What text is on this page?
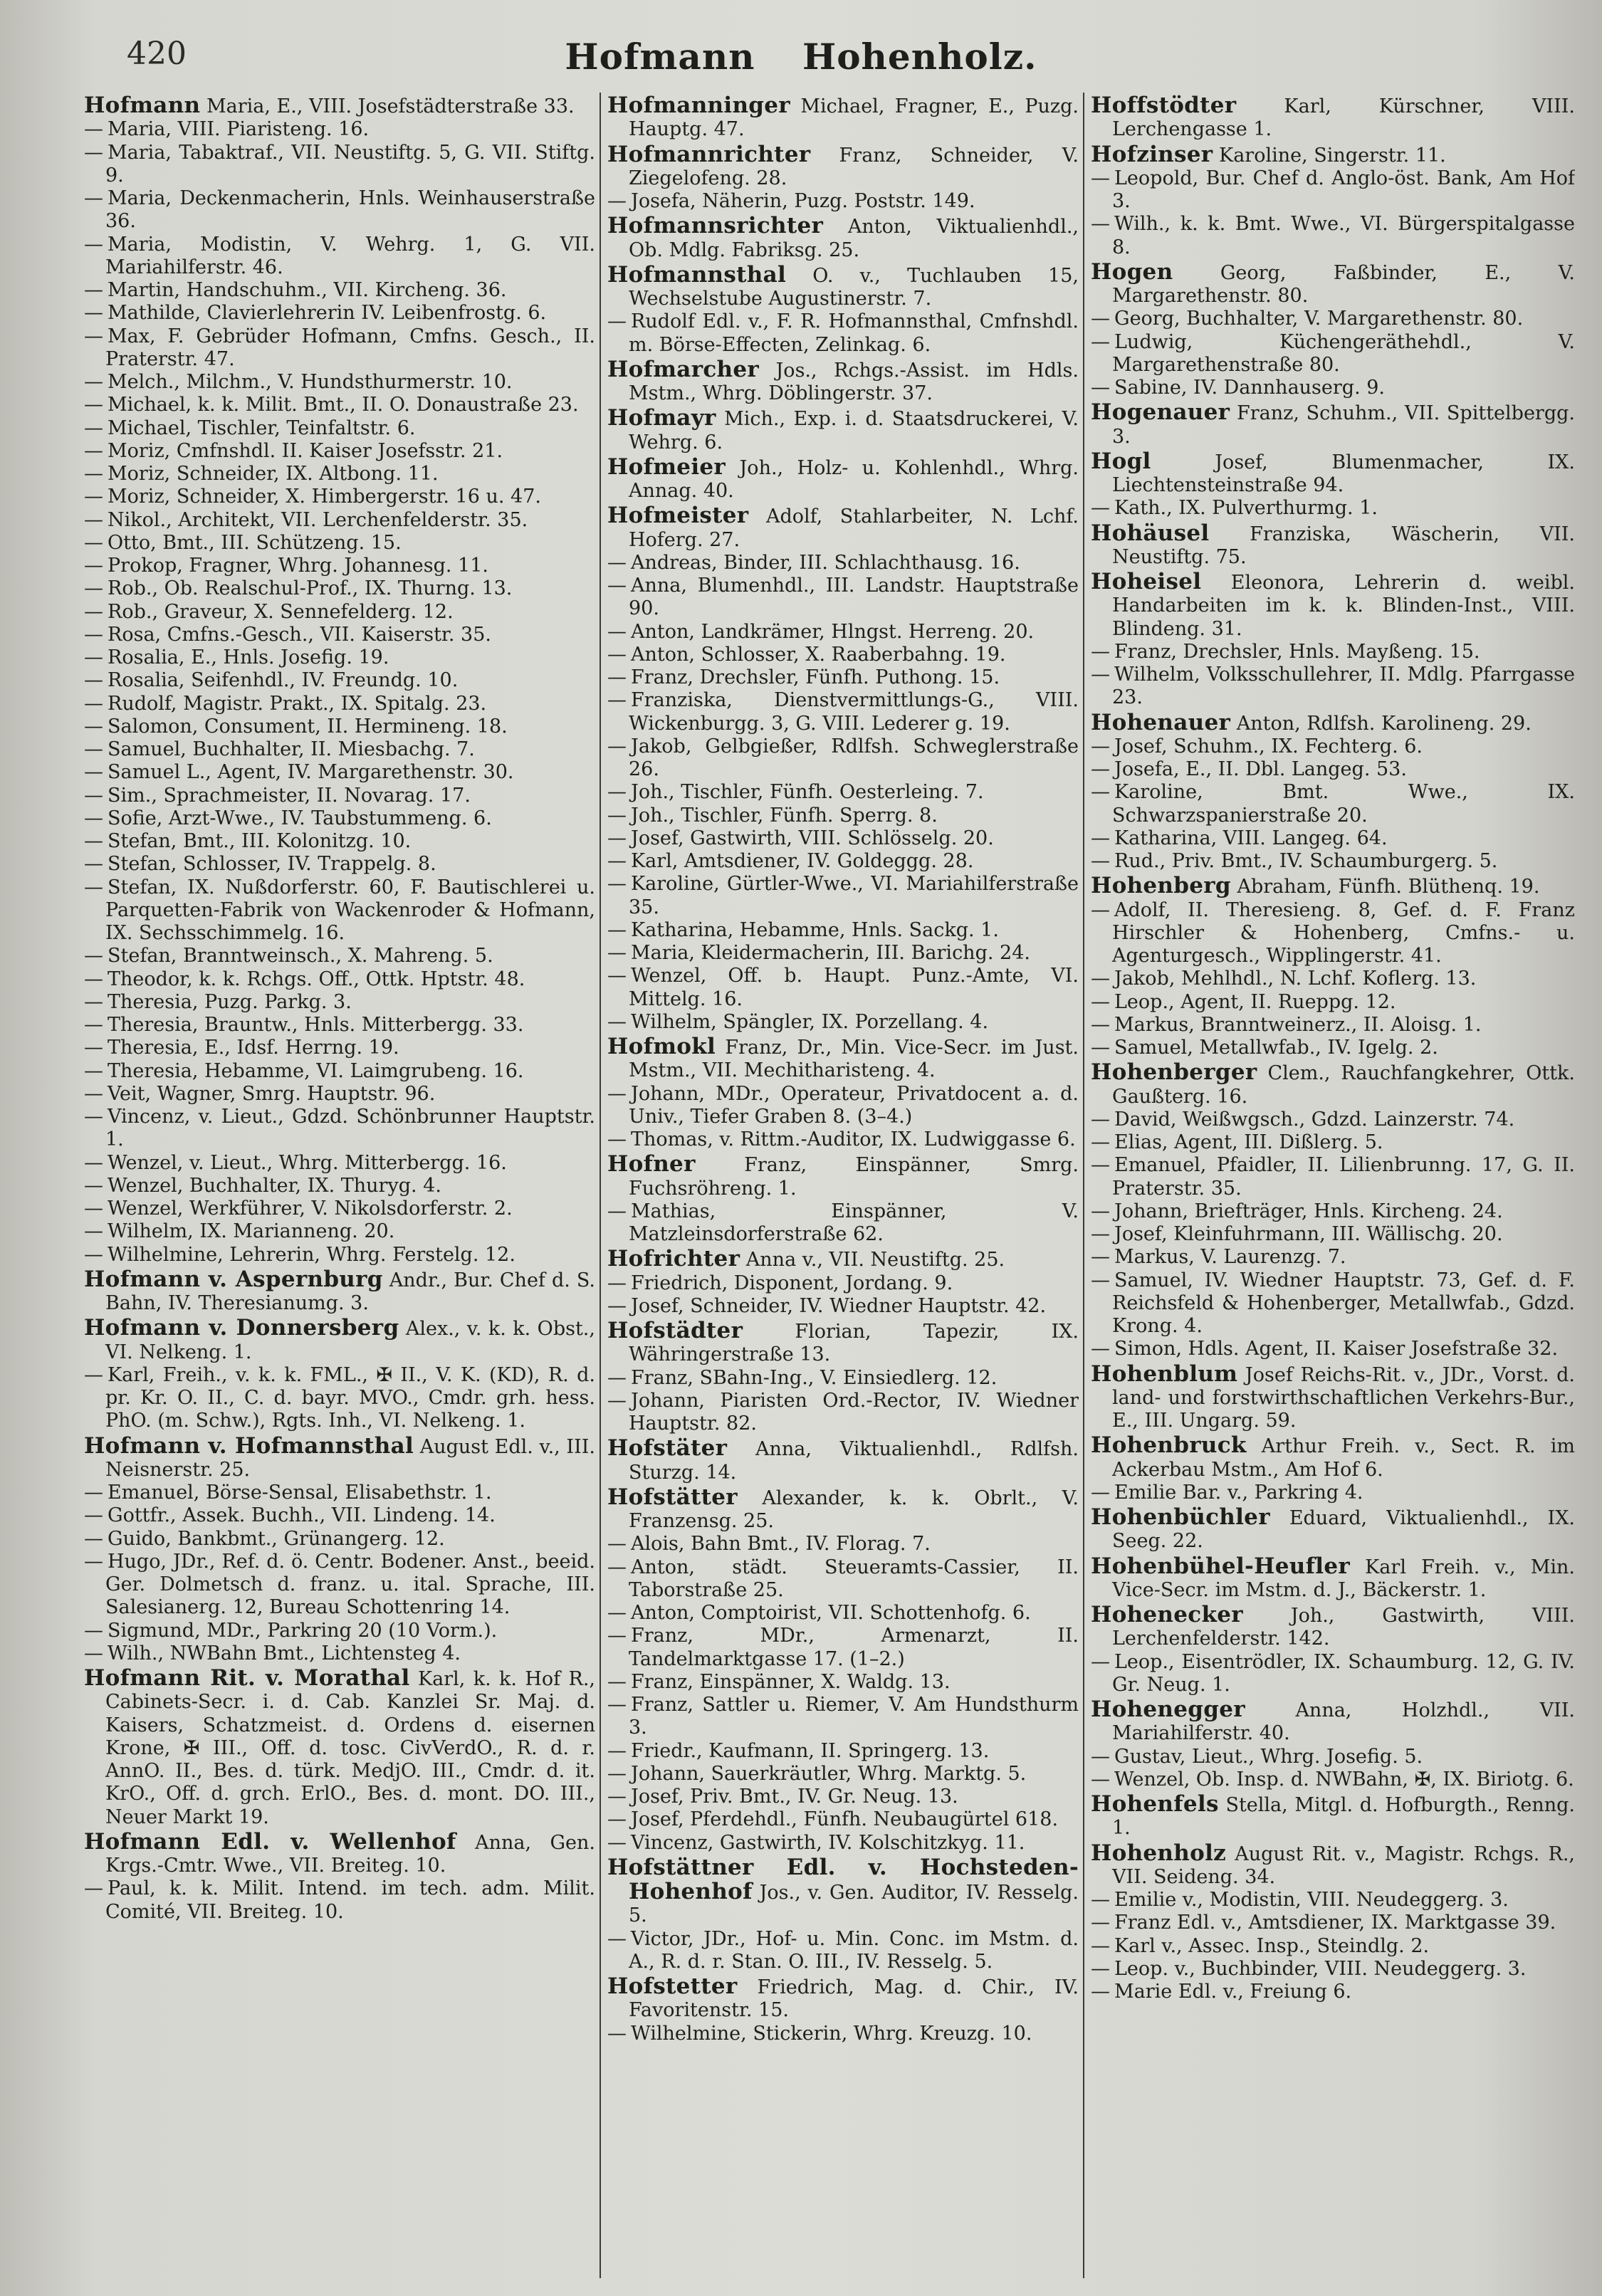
420	Hofmann Hohenholz.

Hofmann Maria, E., VIII. Josefstädterstraße 33.

— Maria, VIII. Piaristeng. 16.

— Maria, Tabaktraf., VII. Neustiftg. 5, G. VII. Stiftg. 9.

— Maria, Deckenmacherin, Hnls. Weinhauserstraße 36.

— Maria, Modistin, V. Wehrg. 1, G. VII. Mariahilferstr. 46.

— Martin, Handschuhm., VII. Kircheng. 36.

— Mathilde, Clavierlehrerin IV. Leibenfrostg. 6.

— Max, F. Gebrüder Hofmann, Cmfns. Gesch., II. Praterstr. 47.

— Melch., Milchm., V. Hundsthurmerstr. 10.

— Michael, k. k. Milit. Bmt., II. O. Donaustraße 23.

— Michael, Tischler, Teinfaltstr. 6.

— Moriz, Cmfnshdl. II. Kaiser Josefsstr. 21.

— Moriz, Schneider, IX. Altbong. 11.

— Moriz, Schneider, X. Himbergerstr. 16 u. 47.

— Nikol., Architekt, VII. Lerchenfelderstr. 35.

— Otto, Bmt., III. Schützeng. 15.

— Prokop, Fragner, Whrg. Johannesg. 11.

— Rob., Ob. Realschul-Prof., IX. Thurng. 13.

— Rob., Graveur, X. Sennefelderg. 12.

— Rosa, Cmfns.-Gesch., VII. Kaiserstr. 35.

— Rosalia, E., Hnls. Josefig. 19.

— Rosalia, Seifenhdl., IV. Freundg. 10.

— Rudolf, Magistr. Prakt., IX. Spitalg. 23.

— Salomon, Consument, II. Hermineng. 18.

— Samuel, Buchhalter, II. Miesbachg. 7.

— Samuel L., Agent, IV. Margarethenstr. 30.

— Sim., Sprachmeister, II. Novarag. 17.

— Sofie, Arzt-Wwe., IV. Taubstummeng. 6.

— Stefan, Bmt., III. Kolonitzg. 10.

— Stefan, Schlosser, IV. Trappelg. 8.

— Stefan, IX. Nußdorferstr. 60, F. Bautischlerei u. Parquetten-Fabrik von Wackenroder & Hofmann, IX. Sechsschimmelg. 16.

— Stefan, Branntweinsch., X. Mahreng. 5.

— Theodor, k. k. Rchgs. Off., Ottk. Hptstr. 48.

— Theresia, Puzg. Parkg. 3.

— Theresia, Brauntw., Hnls. Mitterbergg. 33.

— Theresia, E., Idsf. Herrng. 19.

— Theresia, Hebamme, VI. Laimgrubeng. 16.

— Veit, Wagner, Smrg. Hauptstr. 96.

— Vincenz, v. Lieut., Gdzd. Schönbrunner Hauptstr. 1.

— Wenzel, v. Lieut., Whrg. Mitterbergg. 16.

— Wenzel, Buchhalter, IX. Thuryg. 4.

— Wenzel, Werkführer, V. Nikolsdorferstr. 2.

— Wilhelm, IX. Marianneng. 20.

— Wilhelmine, Lehrerin, Whrg. Ferstelg. 12.

Hofmann v. Aspernburg Andr., Bur. Chef d. S. Bahn, IV. Theresianumg. 3.

Hofmann v. Donnersberg Alex., v. k. k. Obst., VI. Nelkeng. 1.

— Karl, Freih., v. k. k. FML., ✠ II., V. K. (KD), R. d. pr. Kr. O. II., C. d. bayr. MVO., Cmdr. grh. hess. PhO. (m. Schw.), Rgts. Inh., VI. Nelkeng. 1.

Hofmann v. Hofmannsthal August Edl. v., III. Neisnerstr. 25.

— Emanuel, Börse-Sensal, Elisabethstr. 1.

— Gottfr., Assek. Buchh., VII. Lindeng. 14.

— Guido, Bankbmt., Grünangerg. 12.

— Hugo, JDr., Ref. d. ö. Centr. Bodener. Anst., beeid. Ger. Dolmetsch d. franz. u. ital. Sprache, III. Salesianerg. 12, Bureau Schottenring 14.

— Sigmund, MDr., Parkring 20 (10 Vorm.).

— Wilh., NWBahn Bmt., Lichtensteg 4.

Hofmann Rit. v. Morathal Karl, k. k. Hof R., Cabinets-Secr. i. d. Cab. Kanzlei Sr. Maj. d. Kaisers, Schatzmeist. d. Ordens d. eisernen Krone, ✠ III., Off. d. tosc. CivVerdO., R. d. r. AnnO. II., Bes. d. türk. MedjO. III., Cmdr. d. it. KrO., Off. d. grch. ErlO., Bes. d. mont. DO. III., Neuer Markt 19.

Hofmann Edl. v. Wellenhof Anna, Gen. Krgs.-Cmtr. Wwe., VII. Breiteg. 10.

— Paul, k. k. Milit. Intend. im tech. adm. Milit. Comité, VII. Breiteg. 10.

Hofmanninger Michael, Fragner, E., Puzg. Hauptg. 47.

Hofmannrichter Franz, Schneider, V. Ziegelofeng. 28.

— Josefa, Näherin, Puzg. Poststr. 149.

Hofmannsrichter Anton, Viktualienhdl., Ob. Mdlg. Fabriksg. 25.

Hofmannsthal O. v., Tuchlauben 15, Wechselstube Augustinerstr. 7.

— Rudolf Edl. v., F. R. Hofmannsthal, Cmfnshdl. m. Börse-Effecten, Zelinkag. 6.

Hofmarcher Jos., Rchgs.-Assist. im Hdls. Mstm., Whrg. Döblingerstr. 37.

Hofmayr Mich., Exp. i. d. Staatsdruckerei, V. Wehrg. 6.

Hofmeier Joh., Holz- u. Kohlenhdl., Whrg. Annag. 40.

Hofmeister Adolf, Stahlarbeiter, N. Lchf. Hoferg. 27.

— Andreas, Binder, III. Schlachthausg. 16.

— Anna, Blumenhdl., III. Landstr. Hauptstraße 90.

— Anton, Landkrämer, Hlngst. Herreng. 20.

— Anton, Schlosser, X. Raaberbahng. 19.

— Franz, Drechsler, Fünfh. Puthong. 15.

— Franziska, Dienstvermittlungs-G., VIII. Wickenburgg. 3, G. VIII. Lederer g. 19.

— Jakob, Gelbgießer, Rdlfsh. Schweglerstraße 26.

— Joh., Tischler, Fünfh. Oesterleing. 7.

— Joh., Tischler, Fünfh. Sperrg. 8.

— Josef, Gastwirth, VIII. Schlösselg. 20.

— Karl, Amtsdiener, IV. Goldeggg. 28.

— Karoline, Gürtler-Wwe., VI. Mariahilferstraße 35.

— Katharina, Hebamme, Hnls. Sackg. 1.

— Maria, Kleidermacherin, III. Barichg. 24.

— Wenzel, Off. b. Haupt. Punz.-Amte, VI. Mittelg. 16.

— Wilhelm, Spängler, IX. Porzellang. 4.

Hofmokl Franz, Dr., Min. Vice-Secr. im Just. Mstm., VII. Mechitharisteng. 4.

— Johann, MDr., Operateur, Privatdocent a. d. Univ., Tiefer Graben 8. (3–4.)

— Thomas, v. Rittm.-Auditor, IX. Ludwiggasse 6.

Hofner	Franz, Einspänner, Smrg. Fuchsröhreng. 1.

— Mathias, Einspänner, V. Matzleinsdorferstraße 62.

Hofrichter Anna v., VII. Neustiftg. 25.

— Friedrich, Disponent, Jordang. 9.

— Josef, Schneider, IV. Wiedner Hauptstr. 42.

Hofstädter	Florian, Tapezir, IX. Währingerstraße 13.

— Franz, SBahn-Ing., V. Einsiedlerg. 12.

— Johann, Piaristen Ord.-Rector, IV. Wiedner Hauptstr. 82.

Hofstäter Anna, Viktualienhdl., Rdlfsh. Sturzg. 14.

Hofstätter Alexander, k. k. Obrlt., V. Franzensg. 25.

— Alois, Bahn Bmt., IV. Florag. 7.

— Anton, städt. Steueramts-Cassier, II. Taborstraße 25.

— Anton, Comptoirist, VII. Schottenhofg. 6.

— Franz, MDr., Armenarzt, II. Tandelmarktgasse 17. (1–2.)

— Franz, Einspänner, X. Waldg. 13.

— Franz, Sattler u. Riemer, V. Am Hundsthurm 3.

— Friedr., Kaufmann, II. Springerg. 13.

— Johann, Sauerkräutler, Whrg. Marktg. 5.

— Josef, Priv. Bmt., IV. Gr. Neug. 13.

— Josef, Pferdehdl., Fünfh. Neubaugürtel 618.

— Vincenz, Gastwirth, IV. Kolschitzkyg. 11.

Hofstättner Edl. v. Hochsteden-Hohenhof Jos., v. Gen. Auditor, IV. Resselg. 5.

— Victor, JDr., Hof- u. Min. Conc. im Mstm. d. A., R. d. r. Stan. O. III., IV. Resselg. 5.

Hofstetter Friedrich, Mag. d. Chir., IV. Favoritenstr. 15.

— Wilhelmine, Stickerin, Whrg. Kreuzg. 10.

Hoffstödter Karl, Kürschner, VIII. Lerchengasse 1.

Hofzinser Karoline, Singerstr. 11.

— Leopold, Bur. Chef d. Anglo-öst. Bank, Am Hof 3.

— Wilh., k. k. Bmt. Wwe., VI. Bürgerspitalgasse 8.

Hogen Georg, Faßbinder, E., V. Margarethenstr. 80.

— Georg, Buchhalter, V. Margarethenstr. 80.

— Ludwig, Küchengeräthehdl., V. Margarethenstraße 80.

— Sabine, IV. Dannhauserg. 9.

Hogenauer Franz, Schuhm., VII. Spittelbergg. 3.

Hogl	Josef, Blumenmacher, IX. Liechtensteinstraße 94.

— Kath., IX. Pulverthurmg. 1.

Hohäusel Franziska, Wäscherin, VII. Neustiftg. 75.

Hoheisel Eleonora, Lehrerin d. weibl. Handarbeiten im k. k. Blinden-Inst., VIII. Blindeng. 31.

— Franz, Drechsler, Hnls. Mayßeng. 15.

— Wilhelm, Volksschullehrer, II. Mdlg. Pfarrgasse 23.

Hohenauer Anton, Rdlfsh. Karolineng. 29.

— Josef, Schuhm., IX. Fechterg. 6.

— Josefa, E., II. Dbl. Langeg. 53.

— Karoline, Bmt. Wwe., IX. Schwarzspanierstraße 20.

— Katharina, VIII. Langeg. 64.

— Rud., Priv. Bmt., IV. Schaumburgerg. 5.

Hohenberg Abraham, Fünfh. Blüthenq. 19.

— Adolf, II. Theresieng. 8, Gef. d. F. Franz Hirschler & Hohenberg, Cmfns.- u. Agenturgesch., Wipplingerstr. 41.

— Jakob, Mehlhdl., N. Lchf. Koflerg. 13.

— Leop., Agent, II. Rueppg. 12.

— Markus, Branntweinerz., II. Aloisg. 1.

— Samuel, Metallwfab., IV. Igelg. 2.

Hohenberger Clem., Rauchfangkehrer, Ottk. Gaußterg. 16.

— David, Weißwgsch., Gdzd. Lainzerstr. 74.

— Elias, Agent, III. Dißlerg. 5.

— Emanuel, Pfaidler, II. Lilienbrunng. 17, G. II. Praterstr. 35.

— Johann, Briefträger, Hnls. Kircheng. 24.

— Josef, Kleinfuhrmann, III. Wällischg. 20.

— Markus, V. Laurenzg. 7.

— Samuel, IV. Wiedner Hauptstr. 73, Gef. d. F. Reichsfeld & Hohenberger, Metallwfab., Gdzd. Krong. 4.

— Simon, Hdls. Agent, II. Kaiser Josefstraße 32.

Hohenblum Josef Reichs-Rit. v., JDr., Vorst. d. land- und forstwirthschaftlichen Verkehrs-Bur., E., III. Ungarg. 59.

Hohenbruck Arthur Freih. v., Sect. R. im Ackerbau Mstm., Am Hof 6.

— Emilie Bar. v., Parkring 4.

Hohenbüchler Eduard, Viktualienhdl., IX. Seeg. 22.

Hohenbühel-Heufler Karl Freih. v., Min. Vice-Secr. im Mstm. d. J., Bäckerstr. 1.

Hohenecker Joh., Gastwirth, VIII. Lerchenfelderstr. 142.

— Leop., Eisentrödler, IX. Schaumburg. 12, G. IV. Gr. Neug. 1.

Hohenegger	Anna, Holzhdl., VII. Mariahilferstr. 40.

— Gustav, Lieut., Whrg. Josefig. 5.

— Wenzel, Ob. Insp. d. NWBahn, ✠, IX. Biriotg. 6.

Hohenfels Stella, Mitgl. d. Hofburgth., Renng. 1.

Hohenholz August Rit. v., Magistr. Rchgs. R., VII. Seideng. 34.

— Emilie v., Modistin, VIII. Neudeggerg. 3.

— Franz Edl. v., Amtsdiener, IX. Marktgasse 39.

— Karl v., Assec. Insp., Steindlg. 2.

— Leop. v., Buchbinder, VIII. Neudeggerg. 3.

— Marie Edl. v., Freiung 6.
